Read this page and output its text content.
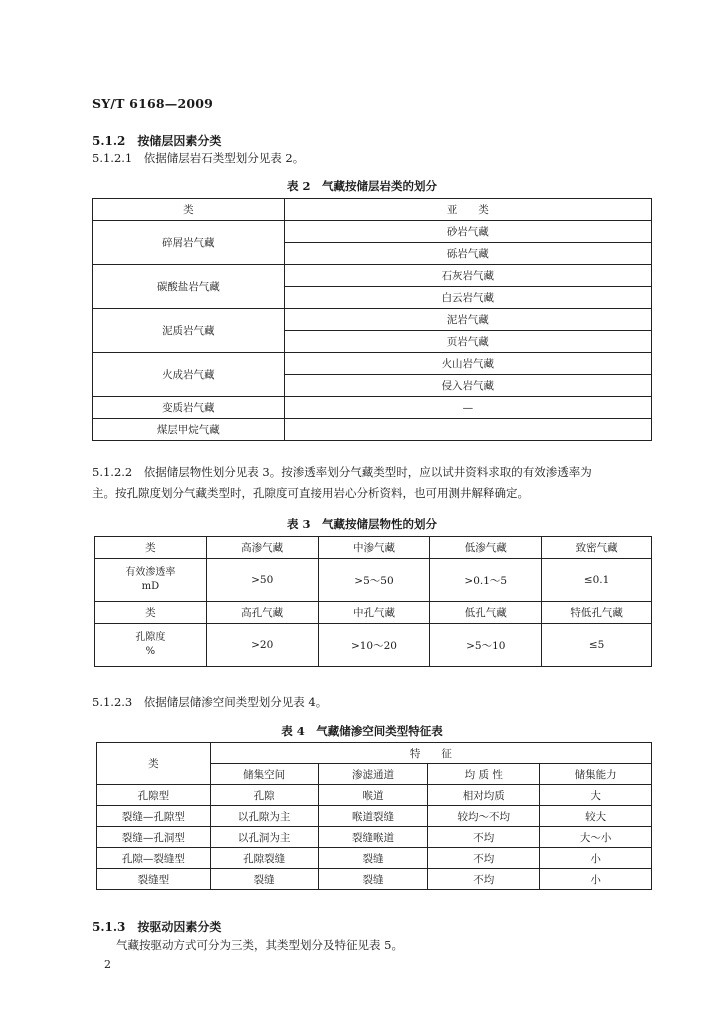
SY/T 6168—2009
5.1.2　按储层因素分类
5.1.2.1　依据储层岩石类型划分见表 2。
表 2　气藏按储层岩类的划分
类	亚　　类
碎屑岩气藏	砂岩气藏
	砾岩气藏
碳酸盐岩气藏	石灰岩气藏
	白云岩气藏
泥质岩气藏	泥岩气藏
	页岩气藏
火成岩气藏	火山岩气藏
	侵入岩气藏
变质岩气藏	—
煤层甲烷气藏	
5.1.2.2　依据储层物性划分见表 3。按渗透率划分气藏类型时，应以试井资料求取的有效渗透率为
主。按孔隙度划分气藏类型时，孔隙度可直接用岩心分析资料，也可用测井解释确定。
表 3　气藏按储层物性的划分
类	高渗气藏	中渗气藏	低渗气藏	致密气藏

有效渗透率
mD	>50	>5～50	>0.1～5	≤0.1
类	高孔气藏	中孔气藏	低孔气藏	特低孔气藏

孔隙度
%	>20	>10～20	>5～10	≤5
5.1.2.3　依据储层储渗空间类型划分见表 4。
表 4　气藏储渗空间类型特征表
类	特　　征			
	储集空间	渗滤通道	均 质 性	储集能力
孔隙型	孔隙	喉道	相对均质	大
裂缝—孔隙型	以孔隙为主	喉道裂缝	较均～不均	较大
裂缝—孔洞型	以孔洞为主	裂缝喉道	不均	大～小
孔隙—裂缝型	孔隙裂缝	裂缝	不均	小
裂缝型	裂缝	裂缝	不均	小
5.1.3　按驱动因素分类
气藏按驱动方式可分为三类，其类型划分及特征见表 5。
2
